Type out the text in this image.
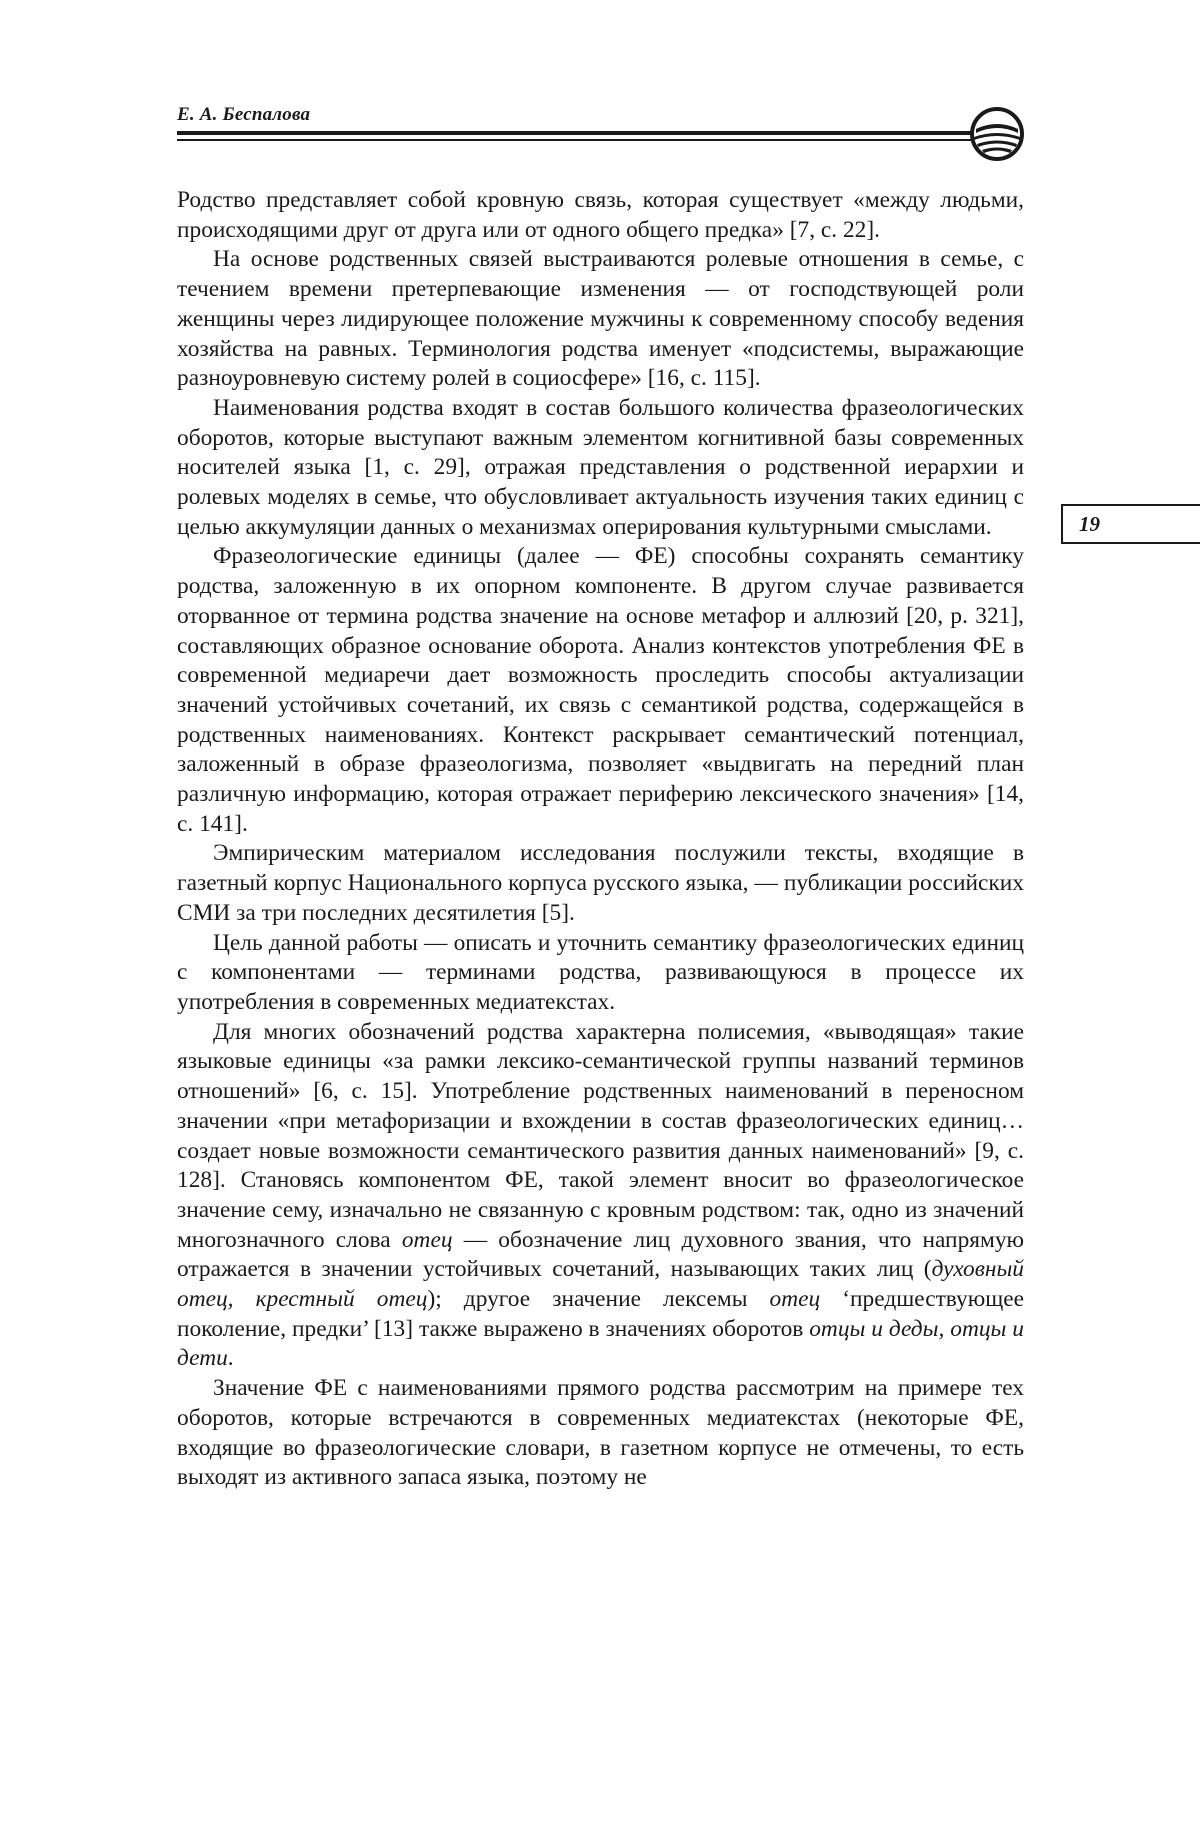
Е. А. Беспалова
19

Родство представляет собой кровную связь, которая существует «между людьми, происходящими друг от друга или от одного общего предка» [7, с. 22].

На основе родственных связей выстраиваются ролевые отношения в семье, с течением времени претерпевающие изменения — от господствующей роли женщины через лидирующее положение мужчины к современному способу ведения хозяйства на равных. Терминология родства именует «подсистемы, выражающие разноуровневую систему ролей в социосфере» [16, с. 115].

Наименования родства входят в состав большого количества фразеологических оборотов, которые выступают важным элементом когнитивной базы современных носителей языка [1, с. 29], отражая представления о родственной иерархии и ролевых моделях в семье, что обусловливает актуальность изучения таких единиц с целью аккумуляции данных о механизмах оперирования культурными смыслами.

Фразеологические единицы (далее — ФЕ) способны сохранять семантику родства, заложенную в их опорном компоненте. В другом случае развивается оторванное от термина родства значение на основе метафор и аллюзий [20, p. 321], составляющих образное основание оборота. Анализ контекстов употребления ФЕ в современной медиаречи дает возможность проследить способы актуализации значений устойчивых сочетаний, их связь с семантикой родства, содержащейся в родственных наименованиях. Контекст раскрывает семантический потенциал, заложенный в образе фразеологизма, позволяет «выдвигать на передний план различную информацию, которая отражает периферию лексического значения» [14, с. 141].

Эмпирическим материалом исследования послужили тексты, входящие в газетный корпус Национального корпуса русского языка, — публикации российских СМИ за три последних десятилетия [5].

Цель данной работы — описать и уточнить семантику фразеологических единиц с компонентами — терминами родства, развивающуюся в процессе их употребления в современных медиатекстах.

Для многих обозначений родства характерна полисемия, «выводящая» такие языковые единицы «за рамки лексико-семантической группы названий терминов отношений» [6, с. 15]. Употребление родственных наименований в переносном значении «при метафоризации и вхождении в состав фразеологических единиц… создает новые возможности семантического развития данных наименований» [9, с. 128]. Становясь компонентом ФЕ, такой элемент вносит во фразеологическое значение сему, изначально не связанную с кровным родством: так, одно из значений многозначного слова отец — обозначение лиц духовного звания, что напрямую отражается в значении устойчивых сочетаний, называющих таких лиц (духовный отец, крестный отец); другое значение лексемы отец ‘предшествующее поколение, предки’ [13] также выражено в значениях оборотов отцы и деды, отцы и дети.

Значение ФЕ с наименованиями прямого родства рассмотрим на примере тех оборотов, которые встречаются в современных медиатекстах (некоторые ФЕ, входящие во фразеологические словари, в газетном корпусе не отмечены, то есть выходят из активного запаса языка, поэтому не
